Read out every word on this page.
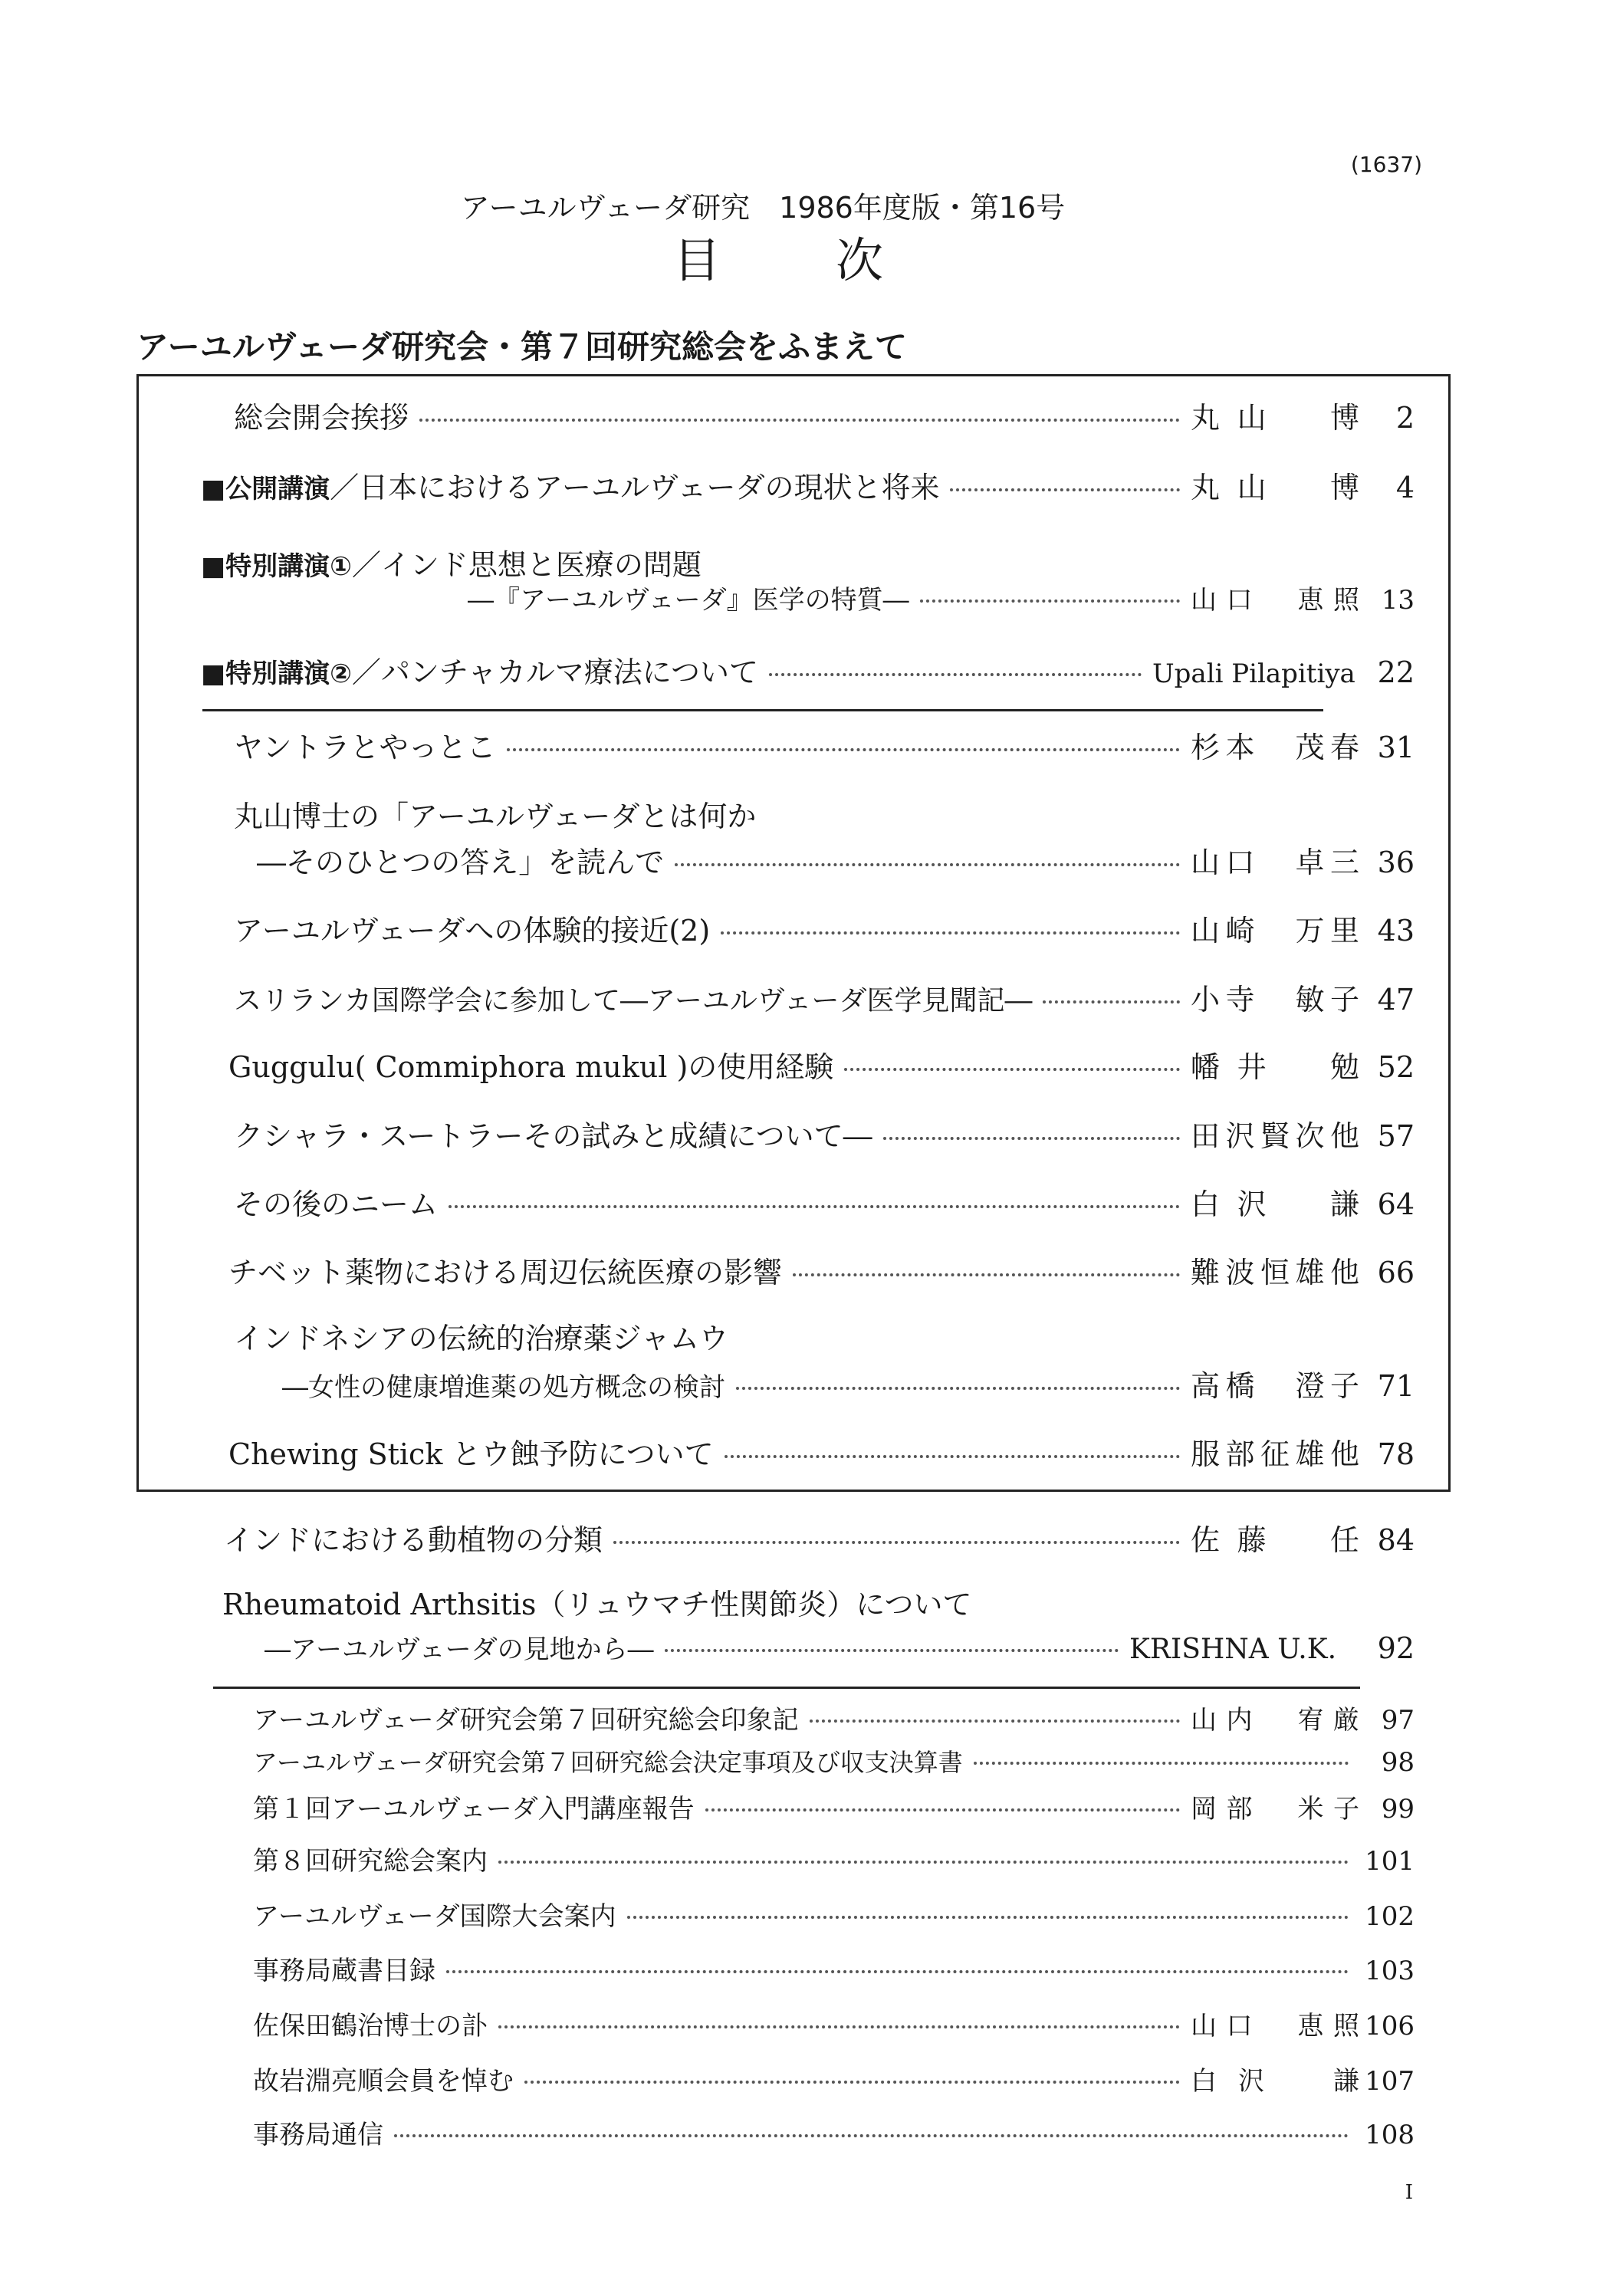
(1637)
アーユルヴェーダ研究　1986年度版・第16号
目次
アーユルヴェーダ研究会・第７回研究総会をふまえて
総会開会挨拶	丸山　博	2
■公開講演／日本におけるアーユルヴェーダの現状と将来	丸山　博	4
■特別講演①／インド思想と医療の問題
―『アーユルヴェーダ』医学の特質―	山口　恵照 13
■特別講演②／パンチャカルマ療法について	Upali Pilapitiya 22
ヤントラとやっとこ	杉本　茂春 31
丸山博士の「アーユルヴェーダとは何か
―そのひとつの答え」を読んで	山口　卓三 36
アーユルヴェーダへの体験的接近(2)	山崎　万里 43
スリランカ国際学会に参加して―アーユルヴェーダ医学見聞記―	小寺　敏子 47
Guggulu( Commiphora mukul )の使用経験	幡井　勉 52
クシャラ・スートラーその試みと成績について―	田沢賢次他 57
その後のニーム	白沢　謙 64
チベット薬物における周辺伝統医療の影響	難波恒雄他 66
インドネシアの伝統的治療薬ジャムウ
―女性の健康増進薬の処方概念の検討	高橋　澄子 71
Chewing Stick とウ蝕予防について	服部征雄他 78
インドにおける動植物の分類	佐藤　任 84
Rheumatoid Arthsitis（リュウマチ性関節炎）について
―アーユルヴェーダの見地から―	KRISHNA U.K.	92
アーユルヴェーダ研究会第７回研究総会印象記	山内　宥厳 97
アーユルヴェーダ研究会第７回研究総会決定事項及び収支決算書	98
第１回アーユルヴェーダ入門講座報告	岡部　米子 99
第８回研究総会案内	101
アーユルヴェーダ国際大会案内	102
事務局蔵書目録	103
佐保田鶴治博士の訃	山口　恵照 106
故岩淵亮順会員を悼む	白沢　謙 107
事務局通信	108
I
